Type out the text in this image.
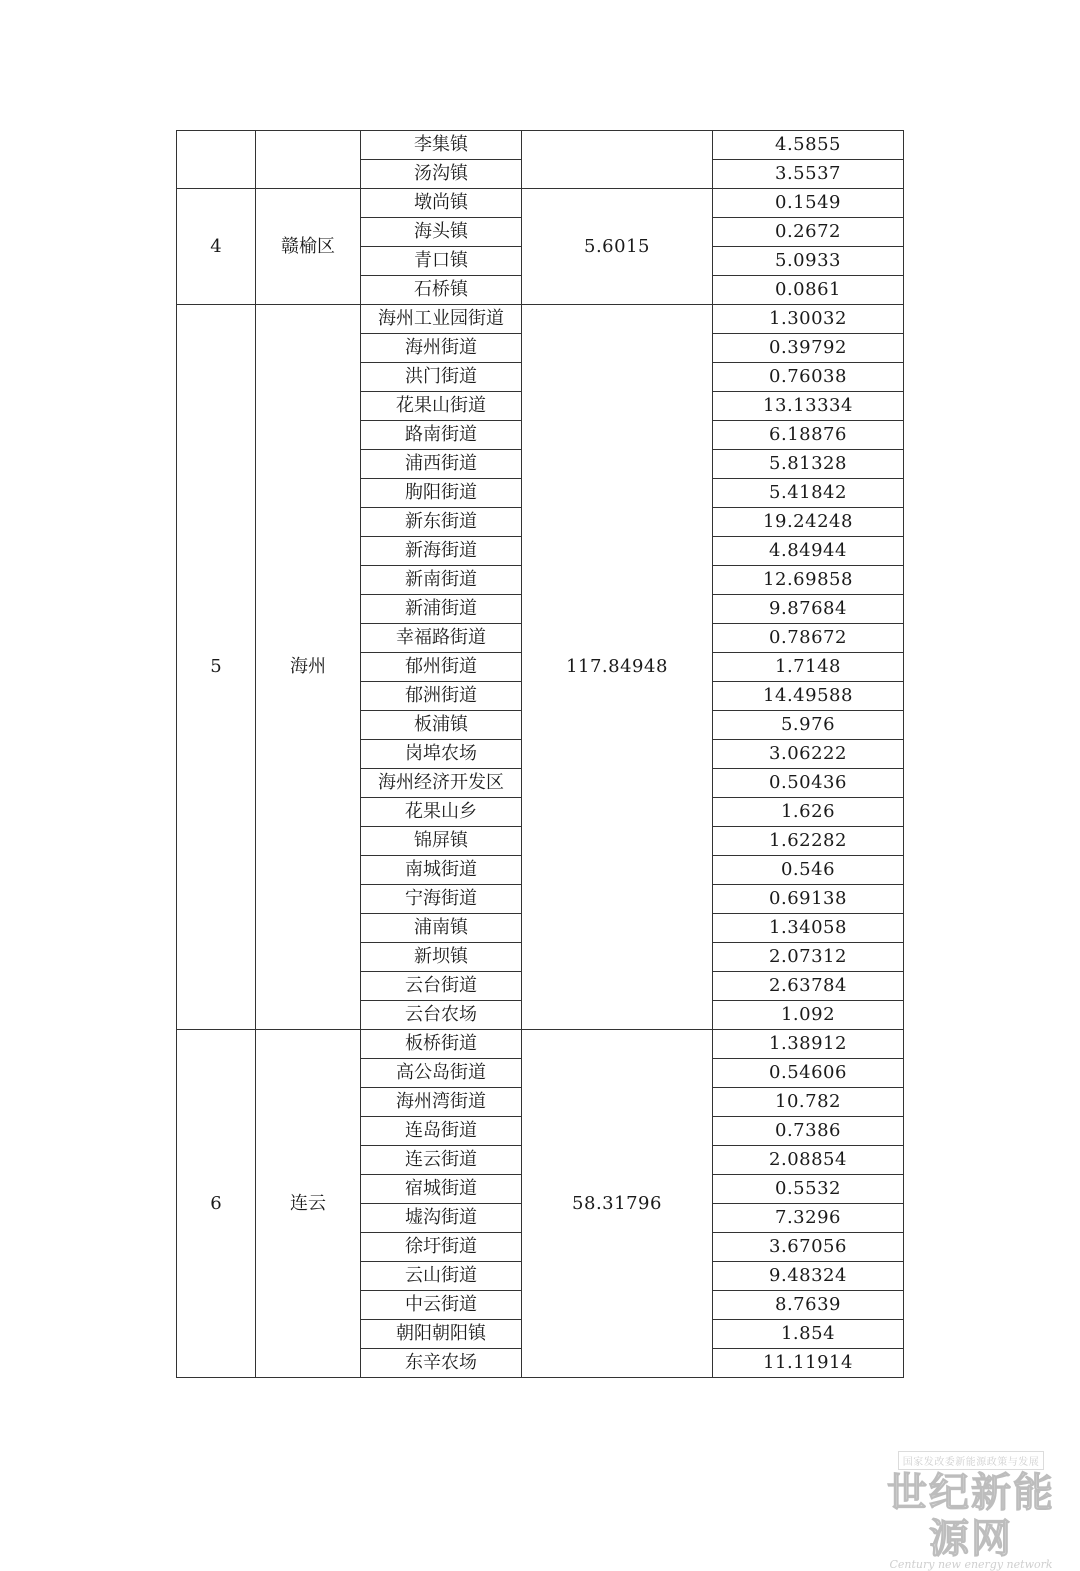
		李集镇		4.5855
		汤沟镇		3.5537
4	赣榆区	墩尚镇	5.6015	0.1549
		海头镇		0.2672
		青口镇		5.0933
		石桥镇		0.0861
5	海州	海州工业园街道	117.84948	1.30032
		海州街道		0.39792
		洪门街道		0.76038
		花果山街道		13.13334
		路南街道		6.18876
		浦西街道		5.81328
		朐阳街道		5.41842
		新东街道		19.24248
		新海街道		4.84944
		新南街道		12.69858
		新浦街道		9.87684
		幸福路街道		0.78672
		郁州街道		1.7148
		郁洲街道		14.49588
		板浦镇		5.976
		岗埠农场		3.06222
		海州经济开发区		0.50436
		花果山乡		1.626
		锦屏镇		1.62282
		南城街道		0.546
		宁海街道		0.69138
		浦南镇		1.34058
		新坝镇		2.07312
		云台街道		2.63784
		云台农场		1.092
6	连云	板桥街道	58.31796	1.38912
		高公岛街道		0.54606
		海州湾街道		10.782
		连岛街道		0.7386
		连云街道		2.08854
		宿城街道		0.5532
		墟沟街道		7.3296
		徐圩街道		3.67056
		云山街道		9.48324
		中云街道		8.7639
		朝阳朝阳镇		1.854
		东辛农场		11.11914
国家发改委新能源政策与发展
世纪新能源网
Century new energy network
